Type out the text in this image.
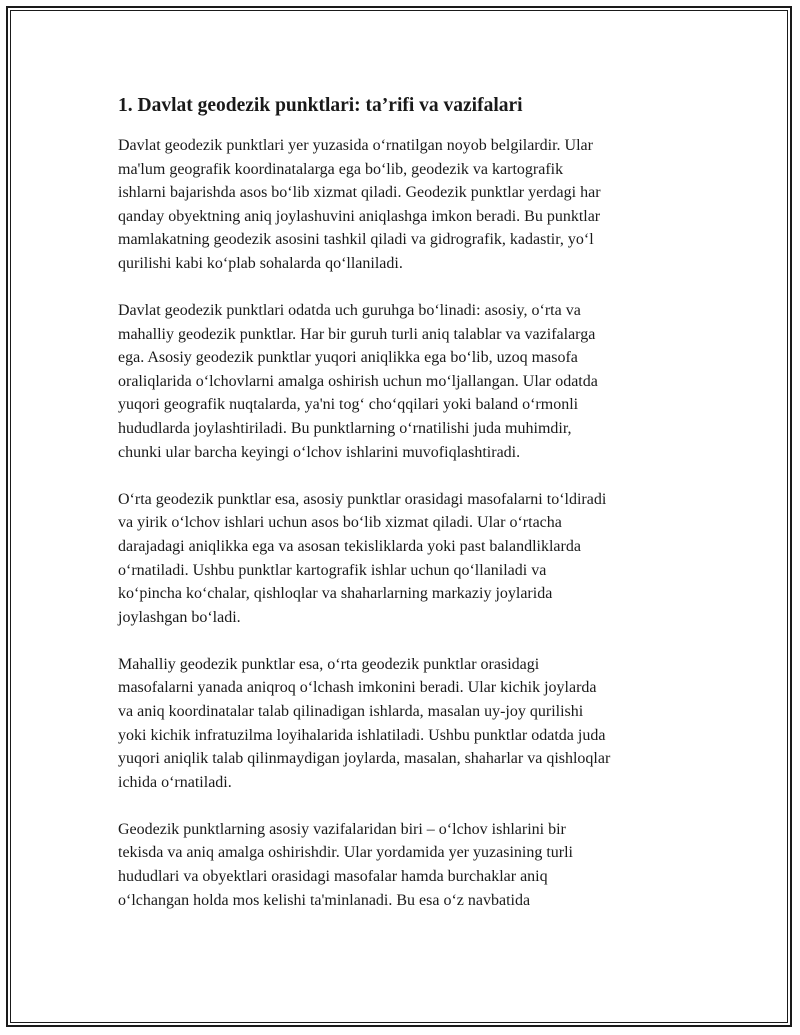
1. Davlat geodezik punktlari: ta’rifi va vazifalari
Davlat geodezik punktlari yer yuzasida o‘rnatilgan noyob belgilardir. Ular
ma'lum geografik koordinatalarga ega bo‘lib, geodezik va kartografik
ishlarni bajarishda asos bo‘lib xizmat qiladi. Geodezik punktlar yerdagi har
qanday obyektning aniq joylashuvini aniqlashga imkon beradi. Bu punktlar
mamlakatning geodezik asosini tashkil qiladi va gidrografik, kadastir, yo‘l
qurilishi kabi ko‘plab sohalarda qo‘llaniladi.
Davlat geodezik punktlari odatda uch guruhga bo‘linadi: asosiy, o‘rta va
mahalliy geodezik punktlar. Har bir guruh turli aniq talablar va vazifalarga
ega. Asosiy geodezik punktlar yuqori aniqlikka ega bo‘lib, uzoq masofa
oraliqlarida o‘lchovlarni amalga oshirish uchun mo‘ljallangan. Ular odatda
yuqori geografik nuqtalarda, ya'ni tog‘ cho‘qqilari yoki baland o‘rmonli
hududlarda joylashtiriladi. Bu punktlarning o‘rnatilishi juda muhimdir,
chunki ular barcha keyingi o‘lchov ishlarini muvofiqlashtiradi.
O‘rta geodezik punktlar esa, asosiy punktlar orasidagi masofalarni to‘ldiradi
va yirik o‘lchov ishlari uchun asos bo‘lib xizmat qiladi. Ular o‘rtacha
darajadagi aniqlikka ega va asosan tekisliklarda yoki past balandliklarda
o‘rnatiladi. Ushbu punktlar kartografik ishlar uchun qo‘llaniladi va
ko‘pincha ko‘chalar, qishloqlar va shaharlarning markaziy joylarida
joylashgan bo‘ladi.
Mahalliy geodezik punktlar esa, o‘rta geodezik punktlar orasidagi
masofalarni yanada aniqroq o‘lchash imkonini beradi. Ular kichik joylarda
va aniq koordinatalar talab qilinadigan ishlarda, masalan uy-joy qurilishi
yoki kichik infratuzilma loyihalarida ishlatiladi. Ushbu punktlar odatda juda
yuqori aniqlik talab qilinmaydigan joylarda, masalan, shaharlar va qishloqlar
ichida o‘rnatiladi.
Geodezik punktlarning asosiy vazifalaridan biri – o‘lchov ishlarini bir
tekisda va aniq amalga oshirishdir. Ular yordamida yer yuzasining turli
hududlari va obyektlari orasidagi masofalar hamda burchaklar aniq
o‘lchangan holda mos kelishi ta'minlanadi. Bu esa o‘z navbatida
